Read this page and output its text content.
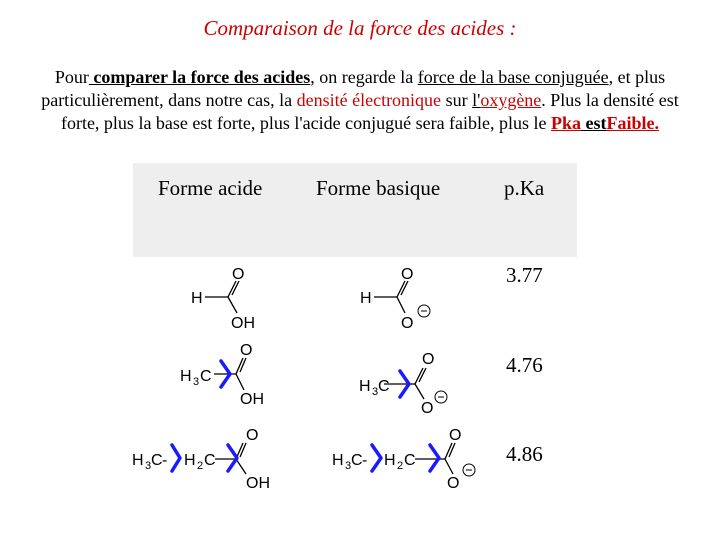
Comparaison de la force des acides :
Pour comparer la force des acides, on regarde la force de la base conjuguée, et plus particulièrement, dans notre cas, la densité électronique sur l'oxygène. Plus la densité est forte, plus la base est forte, plus l'acide conjugué sera faible, plus le Pka estFaible.
Forme acide	Forme basique	p.Ka
3.77
4.76
4.86
H
O
OH
H
O
O
H 3 C
O
OH
H 3 C
O
O
H 3 C - H 2 C
O
OH
H 3 C - H 2 C
O
O
